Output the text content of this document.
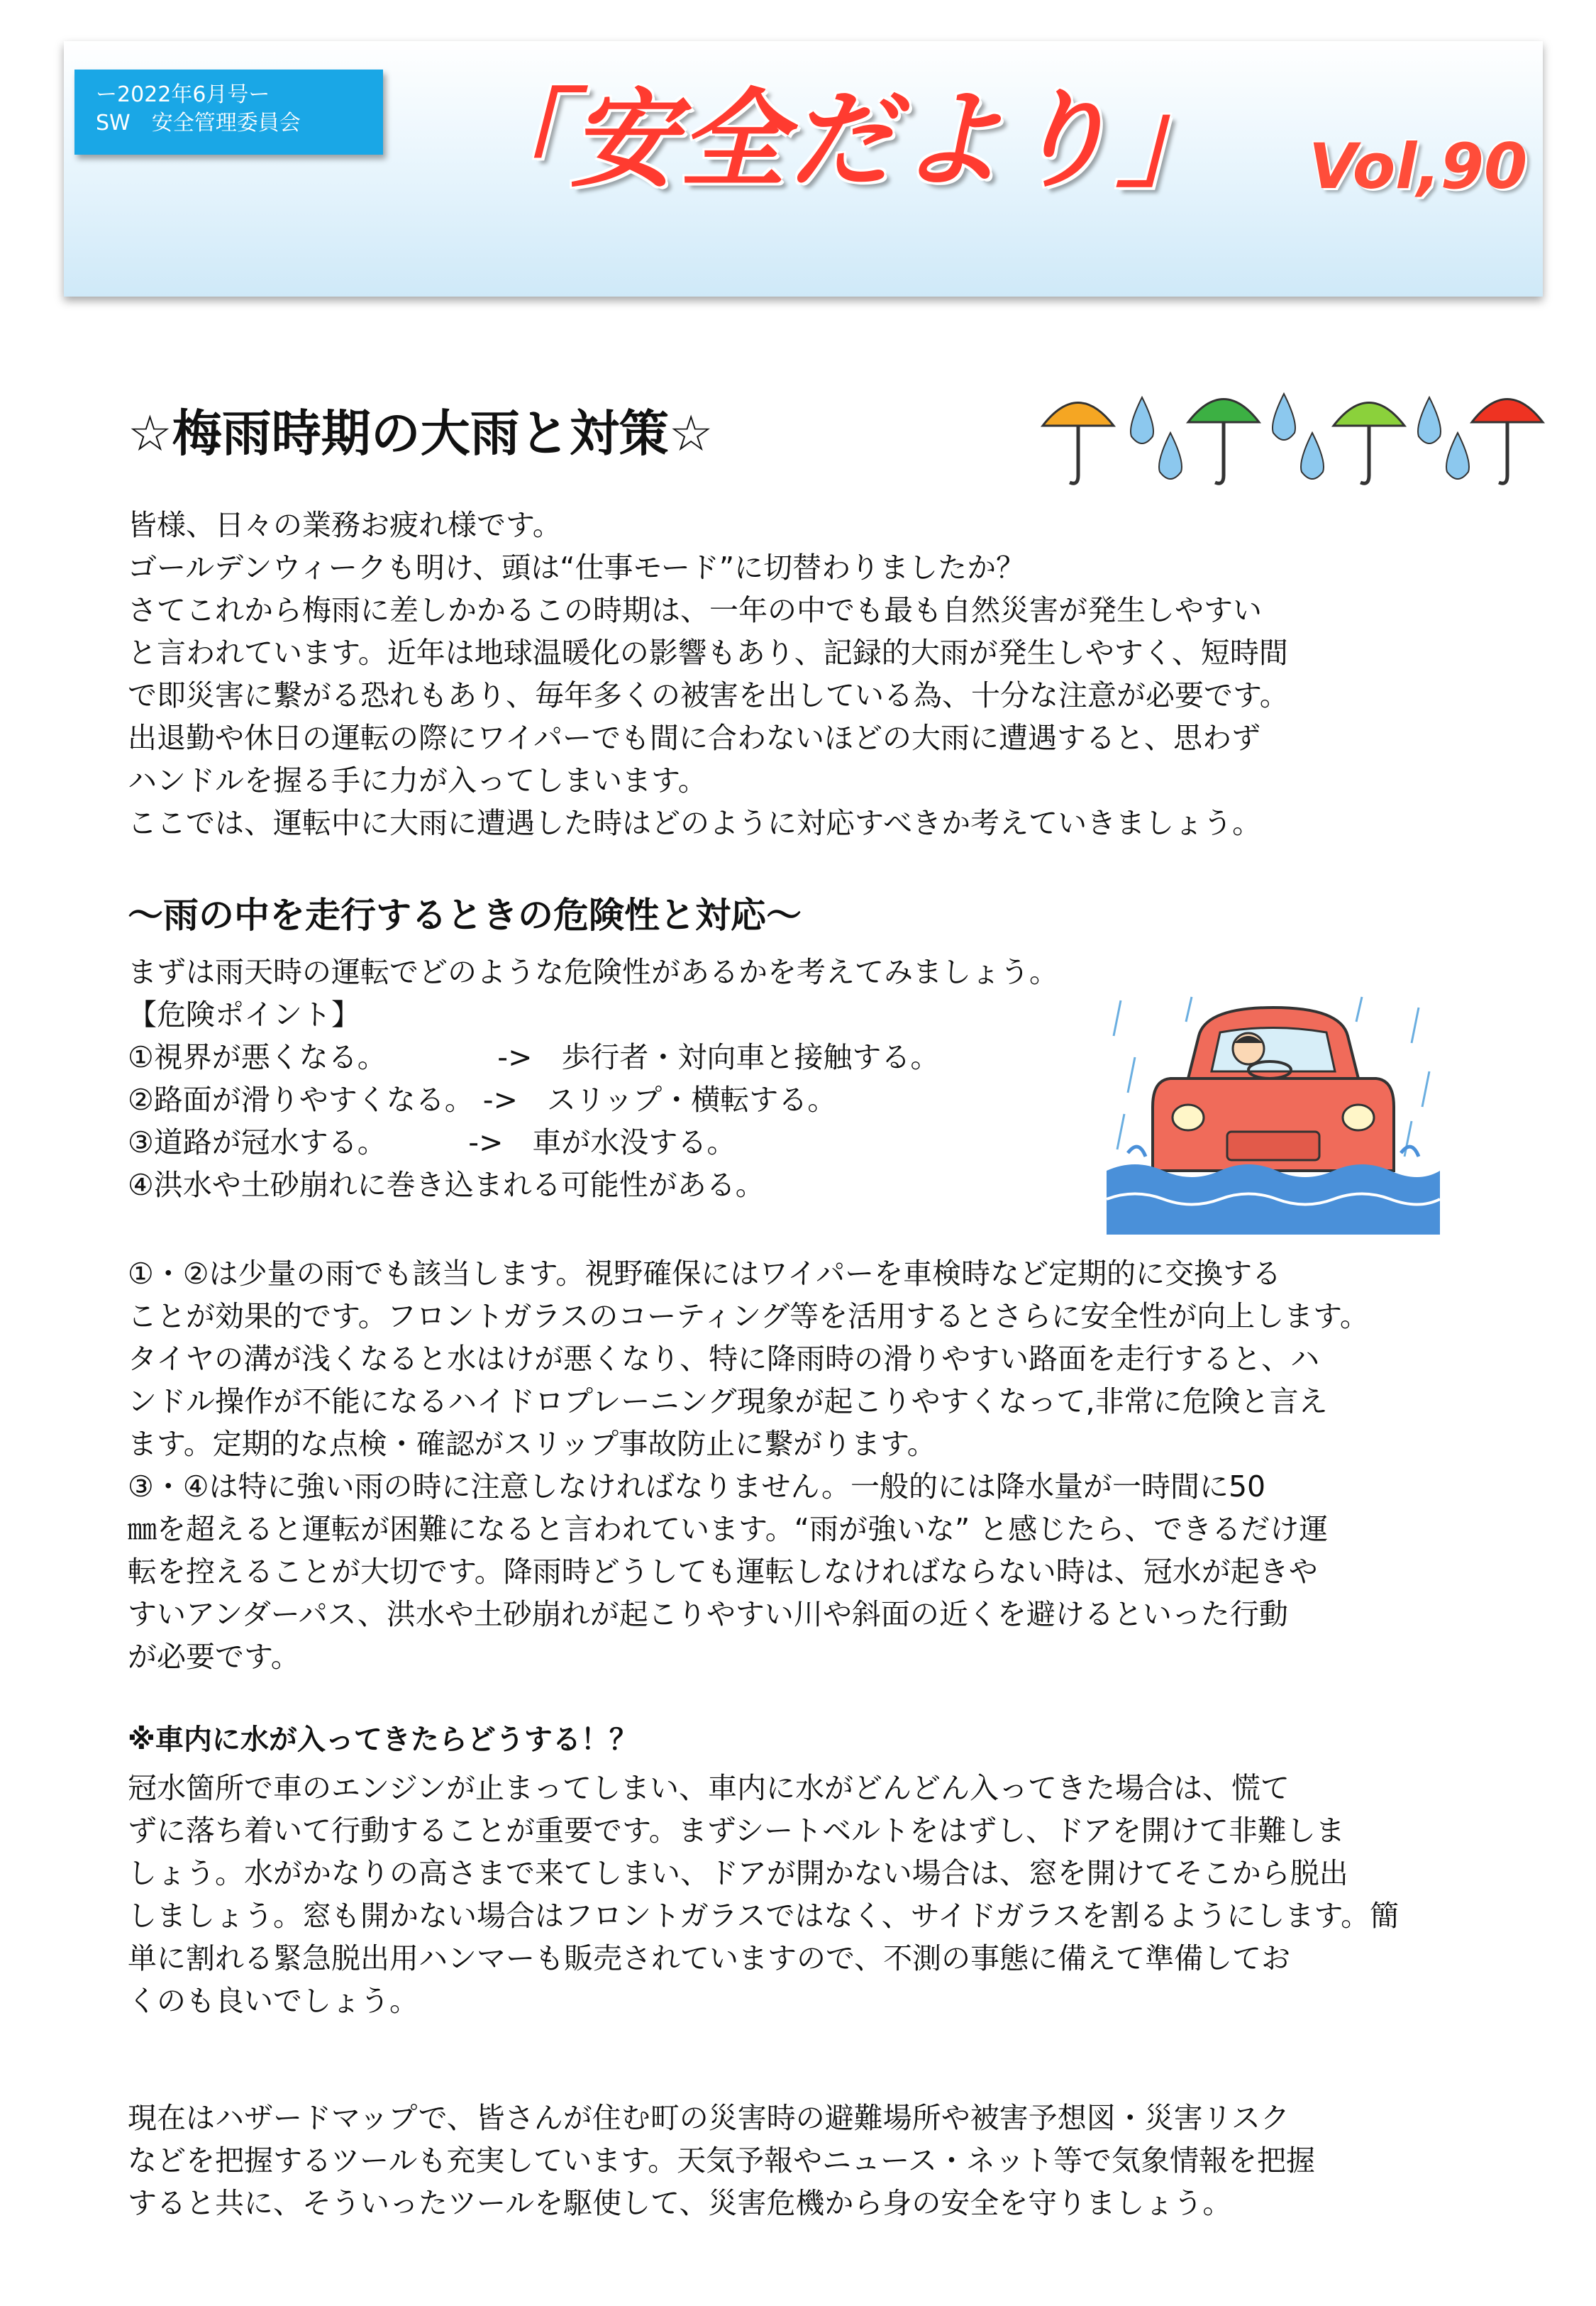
ー2022年6月号ー
SW　安全管理委員会	「安全だより」 Vol,90
☆梅雨時期の大雨と対策☆
皆様、日々の業務お疲れ様です。
ゴールデンウィークも明け、頭は“仕事モード”に切替わりましたか？
さてこれから梅雨に差しかかるこの時期は、一年の中でも最も自然災害が発生しやすい
と言われています。近年は地球温暖化の影響もあり、記録的大雨が発生しやすく、短時間
で即災害に繋がる恐れもあり、毎年多くの被害を出している為、十分な注意が必要です。
出退勤や休日の運転の際にワイパーでも間に合わないほどの大雨に遭遇すると、思わず
ハンドルを握る手に力が入ってしまいます。
ここでは、運転中に大雨に遭遇した時はどのように対応すべきか考えていきましょう。
～雨の中を走行するときの危険性と対応～
まずは雨天時の運転でどのような危険性があるかを考えてみましょう。
【危険ポイント】
①視界が悪くなる。　　　　 ->　歩行者・対向車と接触する。
②路面が滑りやすくなる。 ->　スリップ・横転する。
③道路が冠水する。　　 　->　車が水没する。
④洪水や土砂崩れに巻き込まれる可能性がある。
①・②は少量の雨でも該当します。視野確保にはワイパーを車検時など定期的に交換する
ことが効果的です。フロントガラスのコーティング等を活用するとさらに安全性が向上します。
タイヤの溝が浅くなると水はけが悪くなり、特に降雨時の滑りやすい路面を走行すると、ハ
ンドル操作が不能になるハイドロプレーニング現象が起こりやすくなって,非常に危険と言え
ます。定期的な点検・確認がスリップ事故防止に繋がります。
③・④は特に強い雨の時に注意しなければなりません。一般的には降水量が一時間に50
㎜を超えると運転が困難になると言われています。“雨が強いな” と感じたら、できるだけ運
転を控えることが大切です。降雨時どうしても運転しなければならない時は、冠水が起きや
すいアンダーパス、洪水や土砂崩れが起こりやすい川や斜面の近くを避けるといった行動
が必要です。
※車内に水が入ってきたらどうする！？
冠水箇所で車のエンジンが止まってしまい、車内に水がどんどん入ってきた場合は、慌て
ずに落ち着いて行動することが重要です。まずシートベルトをはずし、ドアを開けて非難しま
しょう。水がかなりの高さまで来てしまい、ドアが開かない場合は、窓を開けてそこから脱出
しましょう。窓も開かない場合はフロントガラスではなく、サイドガラスを割るようにします。簡
単に割れる緊急脱出用ハンマーも販売されていますので、不測の事態に備えて準備してお
くのも良いでしょう。
現在はハザードマップで、皆さんが住む町の災害時の避難場所や被害予想図・災害リスク
などを把握するツールも充実しています。天気予報やニュース・ネット等で気象情報を把握
すると共に、そういったツールを駆使して、災害危機から身の安全を守りましょう。
